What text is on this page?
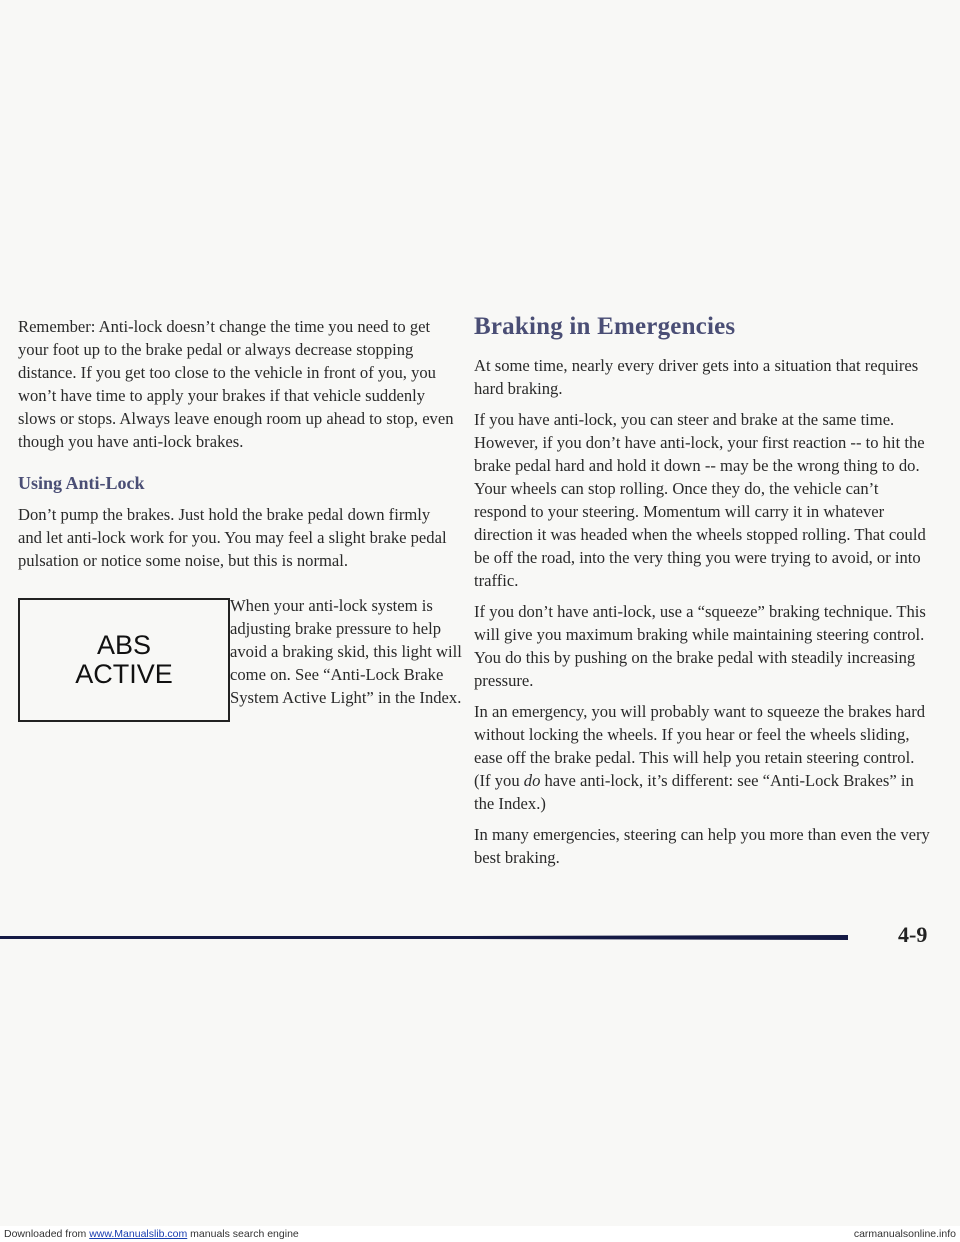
Remember: Anti-lock doesn’t change the time you need to get your foot up to the brake pedal or always decrease stopping distance. If you get too close to the vehicle in front of you, you won’t have time to apply your brakes if that vehicle suddenly slows or stops. Always leave enough room up ahead to stop, even though you have anti-lock brakes.

Using Anti-Lock

Don’t pump the brakes. Just hold the brake pedal down firmly and let anti-lock work for you. You may feel a slight brake pedal pulsation or notice some noise, but this is normal.

ABS
ACTIVE

When your anti-lock system is adjusting brake pressure to help avoid a braking skid, this light will come on. See “Anti-Lock Brake System Active Light” in the Index.

Braking in Emergencies

At some time, nearly every driver gets into a situation that requires hard braking.

If you have anti-lock, you can steer and brake at the same time. However, if you don’t have anti-lock, your first reaction -- to hit the brake pedal hard and hold it down -- may be the wrong thing to do. Your wheels can stop rolling. Once they do, the vehicle can’t respond to your steering. Momentum will carry it in whatever direction it was headed when the wheels stopped rolling. That could be off the road, into the very thing you were trying to avoid, or into traffic.

If you don’t have anti-lock, use a “squeeze” braking technique. This will give you maximum braking while maintaining steering control. You do this by pushing on the brake pedal with steadily increasing pressure.

In an emergency, you will probably want to squeeze the brakes hard without locking the wheels. If you hear or feel the wheels sliding, ease off the brake pedal. This will help you retain steering control. (If you do have anti-lock, it’s different: see “Anti-Lock Brakes” in the Index.)

In many emergencies, steering can help you more than even the very best braking.

4-9
Downloaded from www.Manualslib.com manuals search engine	carmanualsonline.info
